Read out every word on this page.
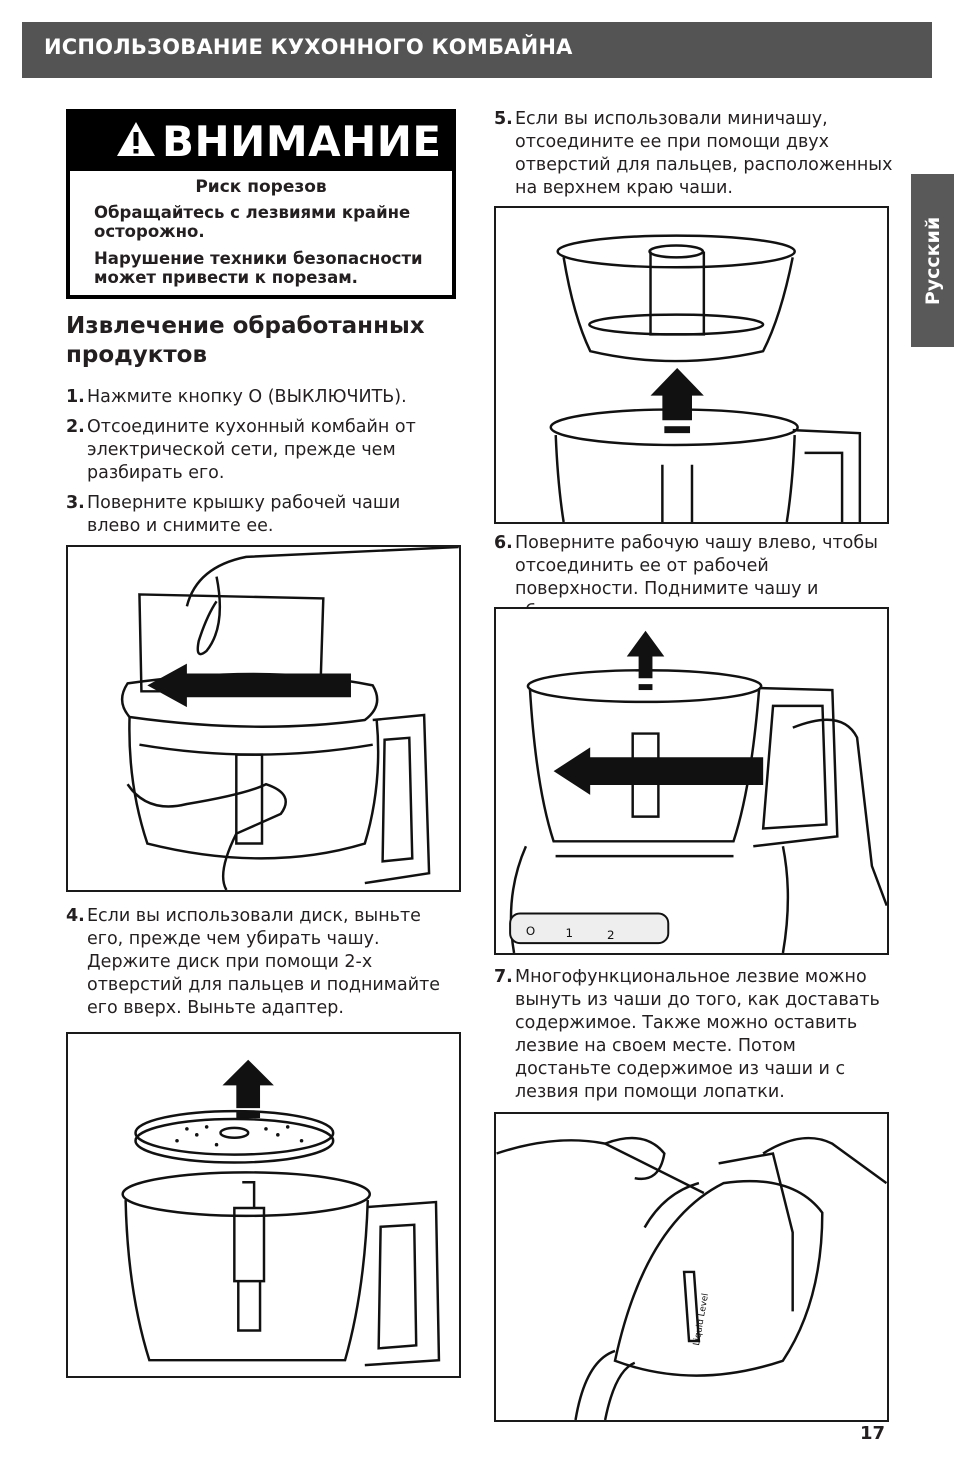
ИСПОЛЬЗОВАНИЕ КУХОННОГО КОМБАЙНА
Русский
ВНИМАНИЕ
Риск порезов
Обращайтесь с лезвиями крайне осторожно.
Нарушение техники безопасности может привести к порезам.
Извлечение обработанных продуктов
1. Нажмите кнопку O (ВЫКЛЮЧИТЬ).
2. Отсоедините кухонный комбайн от электрической сети, прежде чем разбирать его.
3. Поверните крышку рабочей чаши влево и снимите ее.
4. Если вы использовали диск, выньте его, прежде чем убирать чашу. Держите диск при помощи 2-х отверстий для пальцев и поднимайте его вверх. Выньте адаптер.
5. Если вы использовали миничашу, отсоедините ее при помощи двух отверстий для пальцев, расположенных на верхнем краю чаши.
6. Поверните рабочую чашу влево, чтобы отсоединить ее от рабочей поверхности. Поднимите чашу и
O	1	2
7. Многофункциональное лезвие можно вынуть из чаши до того, как доставать содержимое. Также можно оставить лезвие на своем месте. Потом достаньте содержимое из чаши и с лезвия при помощи лопатки.
Liquid Level
17
